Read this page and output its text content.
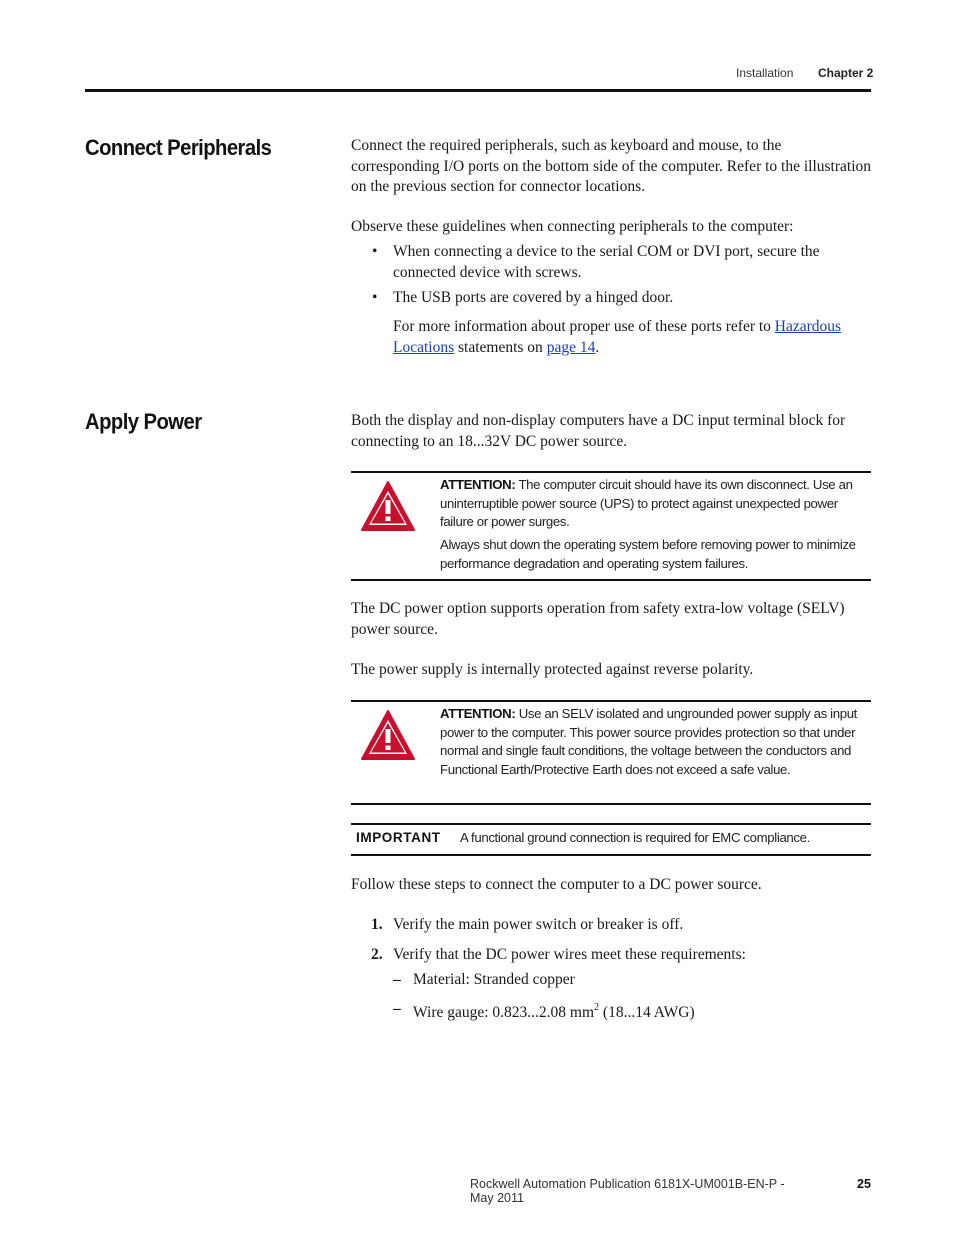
Installation Chapter 2
Connect Peripherals	Connect the required peripherals, such as keyboard and mouse, to the corresponding I/O ports on the bottom side of the computer. Refer to the illustration on the previous section for connector locations.

Observe these guidelines when connecting peripherals to the computer:

• When connecting a device to the serial COM or DVI port, secure the connected device with screws.
• The USB ports are covered by a hinged door.

For more information about proper use of these ports refer to Hazardous Locations statements on page 14.

Apply Power	Both the display and non-display computers have a DC input terminal block for connecting to an 18...32V DC power source.

ATTENTION: The computer circuit should have its own disconnect. Use an uninterruptible power source (UPS) to protect against unexpected power failure or power surges.

Always shut down the operating system before removing power to minimize performance degradation and operating system failures.

The DC power option supports operation from safety extra-low voltage (SELV) power source.

The power supply is internally protected against reverse polarity.

ATTENTION: Use an SELV isolated and ungrounded power supply as input power to the computer. This power source provides protection so that under normal and single fault conditions, the voltage between the conductors and Functional Earth/Protective Earth does not exceed a safe value.

IMPORTANT A functional ground connection is required for EMC compliance.

Follow these steps to connect the computer to a DC power source.

1. Verify the main power switch or breaker is off.
2. Verify that the DC power wires meet these requirements:
– Material: Stranded copper
– Wire gauge: 0.823...2.08 $mm^2$ (18...14 AWG)
Rockwell Automation Publication 6181X-UM001B-EN-P - May 2011
25
